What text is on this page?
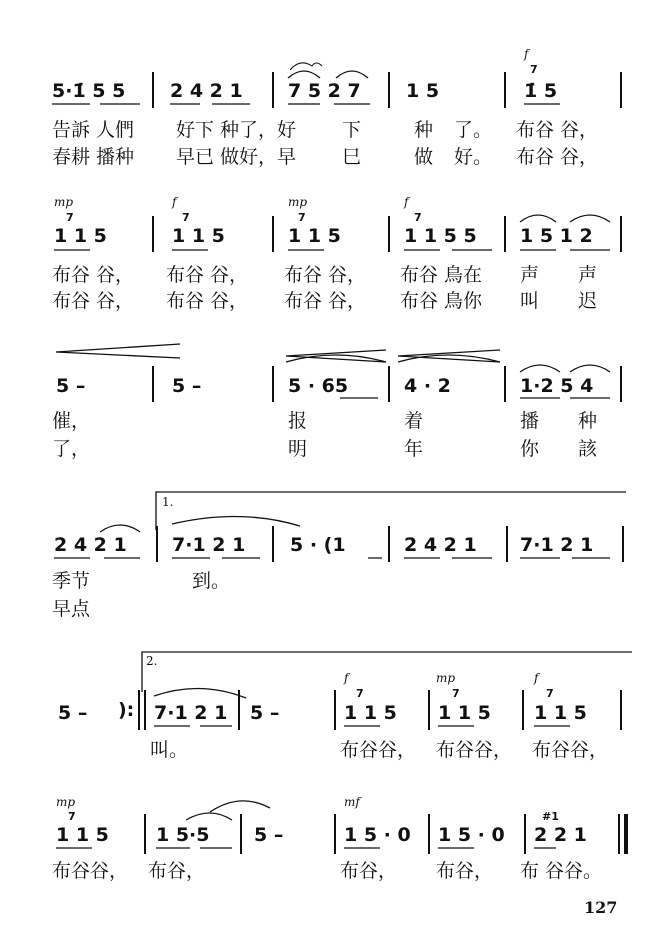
f
7
5·1̇ 5 5 2 4 2 1 7 5 2 7 1 5	1̇ 5
告訴 人們 好下 种了，好 下	种 了。 布谷 谷，
春耕 播种 早已 做好，早 巳	做 好。 布谷 谷，
mp	f	mp	f
7	7	7	7
1 1 5	1 1 5	1 1 5	1 1 5 5 1 5 1 2
布谷 谷， 布谷 谷， 布谷 谷， 布谷 鳥在 声 声
布谷 谷， 布谷 谷， 布谷 谷， 布谷 鳥你 叫 迟
5 –	5 –	5 · 65	4 · 2	1·2 5 4
催，	报	着	播 种
了，	明	年	你 該
1.
2 4 2 1 7·1 2 1 5 · (1	2 4 2 1 7·1 2 1
季节	到。
早点
2.
f	mp	f
7	7	7
5 – ): 7·1 2 1 5 –	1 1 5 1 1 5 1 1 5
叫。	布谷谷， 布谷谷， 布谷谷，
mp	mf
7	#1
1 1 5 1 5·5 5 –	1 5 · 0 1 5 · 0 2 2 1
布谷谷， 布谷，	布谷， 布谷， 布 谷谷。
127
